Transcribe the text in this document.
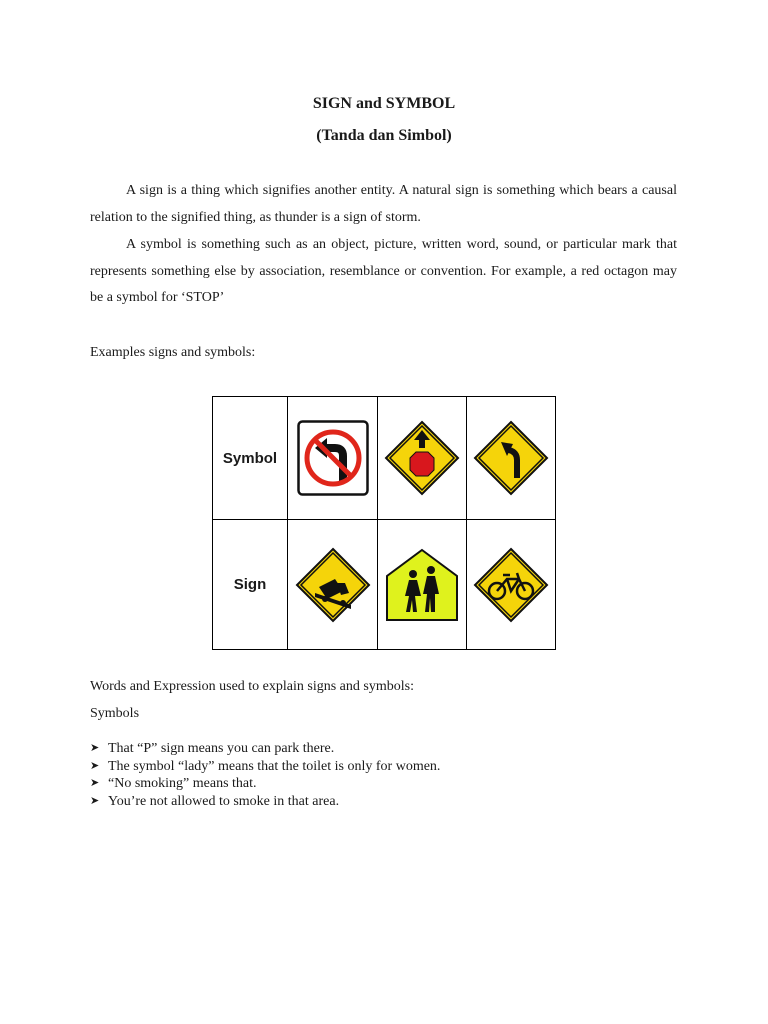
SIGN and SYMBOL

(Tanda dan Simbol)

A sign is a thing which signifies another entity. A natural sign is something which bears a causal relation to the signified thing, as thunder is a sign of storm.

A symbol is something such as an object, picture, written word, sound, or particular mark that represents something else by association, resemblance or convention. For example, a red octagon may be a symbol for ‘STOP’

Examples signs and symbols:

Symbol	

Sign	

Words and Expression used to explain signs and symbols:

Symbols

➤ That “P” sign means you can park there.
➤ The symbol “lady” means that the toilet is only for women.
➤ “No smoking” means that.
➤ You’re not allowed to smoke in that area.
